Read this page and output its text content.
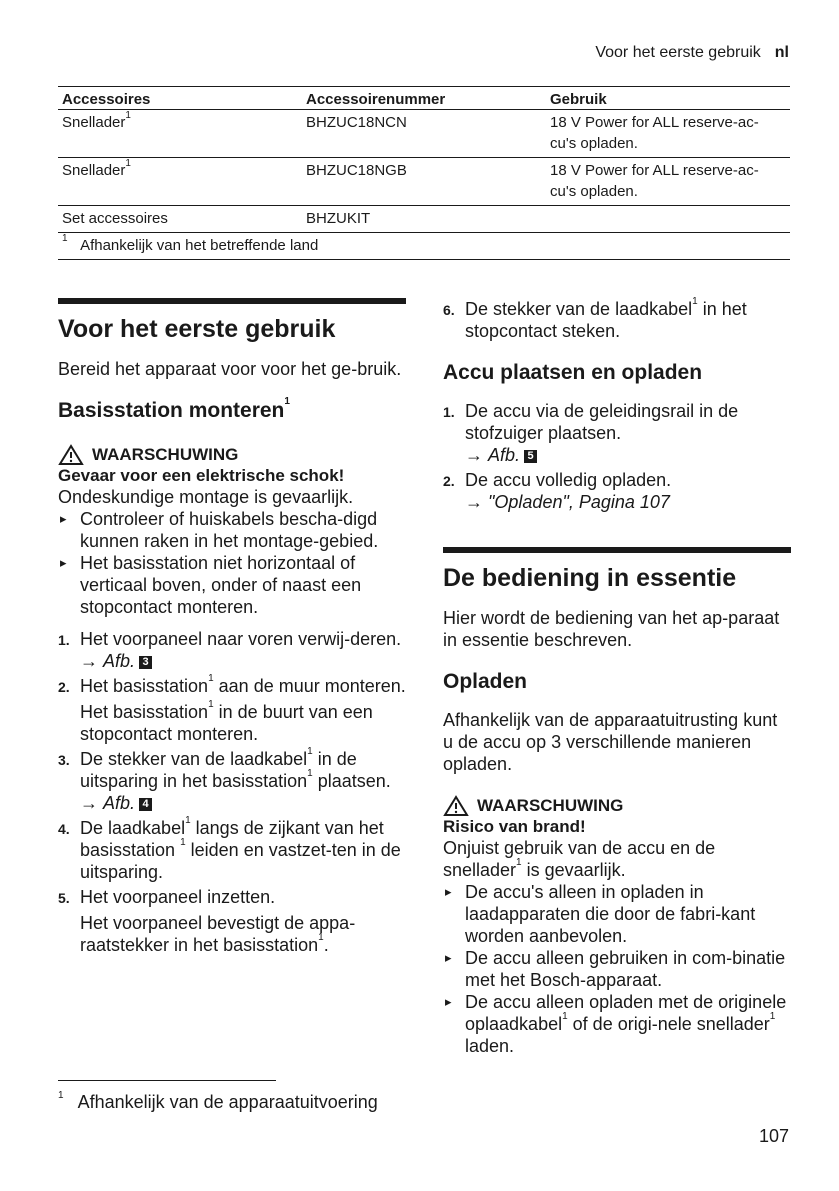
Voor het eerste gebruik nl
Accessoires	Accessoirenummer	Gebruik
Snellader$^1$	BHZUC18NCN	18 V Power for ALL reserve-ac-
cu's opladen.
Snellader$^1$	BHZUC18NGB	18 V Power for ALL reserve-ac-
cu's opladen.
Set accessoires	BHZUKIT	
$^1$ Afhankelijk van het betreffende land		
Voor het eerste gebruik

Bereid het apparaat voor voor het ge-bruik.

Basisstation monteren$^1$
WAARSCHUWING
Gevaar voor een elektrische schok!
Ondeskundige montage is gevaarlijk.
▸ Controleer of huiskabels bescha-digd kunnen raken in het montage-gebied.
▸ Het basisstation niet horizontaal of verticaal boven, onder of naast een stopcontact monteren.
1. Het voorpaneel naar voren verwij-deren.
→ Afb. 3
2. Het basisstation$^1$ aan de muur monteren.
Het basisstation$^1$ in de buurt van een stopcontact monteren.
3. De stekker van de laadkabel$^1$ in de uitsparing in het basisstation$^1$ plaatsen.
→ Afb. 4
4. De laadkabel$^1$ langs de zijkant van het basisstation $^1$ leiden en vastzet-ten in de uitsparing.
5. Het voorpaneel inzetten.
Het voorpaneel bevestigt de appa-raatstekker in het basisstation$^1$.
6. De stekker van de laadkabel$^1$ in het stopcontact steken.
Accu plaatsen en opladen
1. De accu via de geleidingsrail in de stofzuiger plaatsen.
→ Afb. 5
2. De accu volledig opladen.
→ "Opladen", Pagina 107
De bediening in essentie

Hier wordt de bediening van het ap-paraat in essentie beschreven.

Opladen

Afhankelijk van de apparaatuitrusting kunt u de accu op 3 verschillende manieren opladen.

WAARSCHUWING
Risico van brand!
Onjuist gebruik van de accu en de snellader$^1$ is gevaarlijk.
▸ De accu's alleen in opladen in laadapparaten die door de fabri-kant worden aanbevolen.
▸ De accu alleen gebruiken in com-binatie met het Bosch-apparaat.
▸ De accu alleen opladen met de originele oplaadkabel$^1$ of de origi-nele snellader$^1$ laden.
$^1$ Afhankelijk van de apparaatuitvoering
107
